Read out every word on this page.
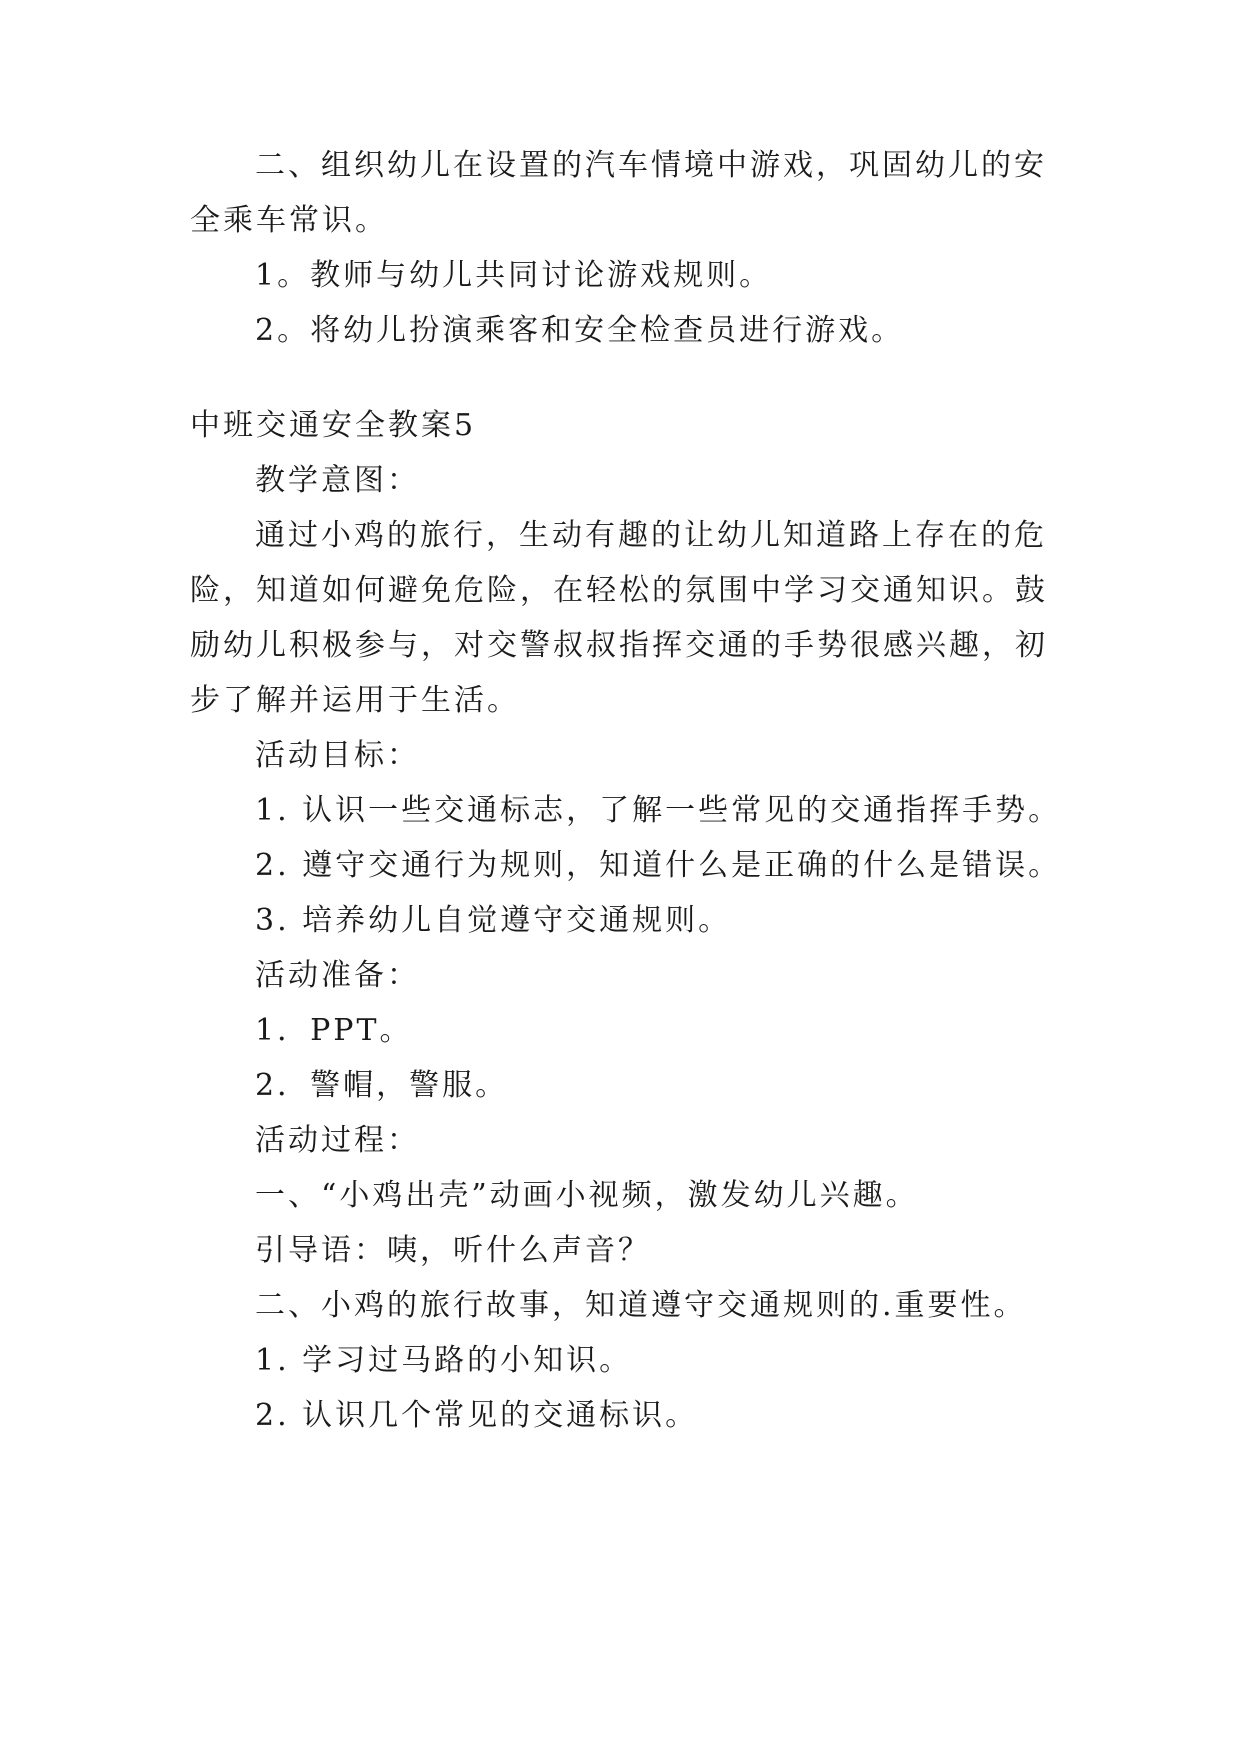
二、组织幼儿在设置的汽车情境中游戏，巩固幼儿的安
全乘车常识。
1。教师与幼儿共同讨论游戏规则。
2。将幼儿扮演乘客和安全检查员进行游戏。
中班交通安全教案5
教学意图：
通过小鸡的旅行，生动有趣的让幼儿知道路上存在的危
险，知道如何避免危险，在轻松的氛围中学习交通知识。鼓
励幼儿积极参与，对交警叔叔指挥交通的手势很感兴趣，初
步了解并运用于生活。
活动目标：
1. 认识一些交通标志，了解一些常见的交通指挥手势。
2. 遵守交通行为规则，知道什么是正确的什么是错误。
3. 培养幼儿自觉遵守交通规则。
活动准备：
1．PPT。
2．警帽，警服。
活动过程：
一、“小鸡出壳”动画小视频，激发幼儿兴趣。
引导语：咦，听什么声音？
二、小鸡的旅行故事，知道遵守交通规则的.重要性。
1. 学习过马路的小知识。
2. 认识几个常见的交通标识。
